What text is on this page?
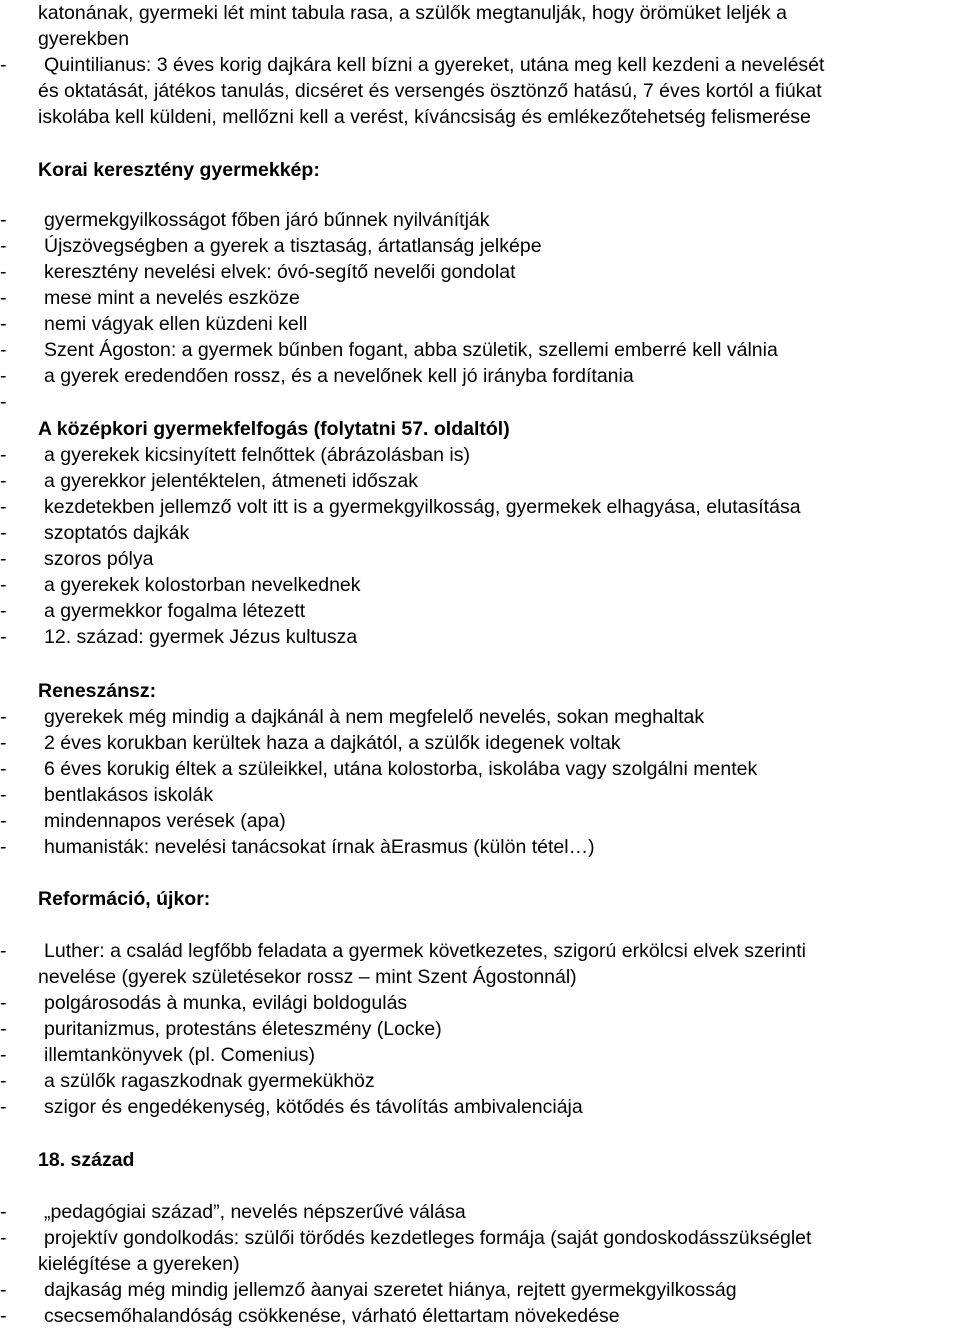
katonának, gyermeki lét mint tabula rasa, a szülők megtanulják, hogy örömüket leljék a
gyerekben
- Quintilianus: 3 éves korig dajkára kell bízni a gyereket, utána meg kell kezdeni a nevelését
és oktatását, játékos tanulás, dicséret és versengés ösztönző hatású, 7 éves kortól a fiúkat
iskolába kell küldeni, mellőzni kell a verést, kíváncsiság és emlékezőtehetség felismerése
Korai keresztény gyermekkép:
- gyermekgyilkosságot főben járó bűnnek nyilvánítják
- Újszövegségben a gyerek a tisztaság, ártatlanság jelképe
- keresztény nevelési elvek: óvó-segítő nevelői gondolat
- mese mint a nevelés eszköze
- nemi vágyak ellen küzdeni kell
- Szent Ágoston: a gyermek bűnben fogant, abba születik, szellemi emberré kell válnia
- a gyerek eredendően rossz, és a nevelőnek kell jó irányba fordítania
-
A középkori gyermekfelfogás (folytatni 57. oldaltól)
- a gyerekek kicsinyített felnőttek (ábrázolásban is)
- a gyerekkor jelentéktelen, átmeneti időszak
- kezdetekben jellemző volt itt is a gyermekgyilkosság, gyermekek elhagyása, elutasítása
- szoptatós dajkák
- szoros pólya
- a gyerekek kolostorban nevelkednek
- a gyermekkor fogalma létezett
- 12. század: gyermek Jézus kultusza
Reneszánsz:
- gyerekek még mindig a dajkánál à nem megfelelő nevelés, sokan meghaltak
- 2 éves korukban kerültek haza a dajkától, a szülők idegenek voltak
- 6 éves korukig éltek a szüleikkel, utána kolostorba, iskolába vagy szolgálni mentek
- bentlakásos iskolák
- mindennapos verések (apa)
- humanisták: nevelési tanácsokat írnak àErasmus (külön tétel…)
Reformáció, újkor:
- Luther: a család legfőbb feladata a gyermek következetes, szigorú erkölcsi elvek szerinti
nevelése (gyerek születésekor rossz – mint Szent Ágostonnál)
- polgárosodás à munka, evilági boldogulás
- puritanizmus, protestáns életeszmény (Locke)
- illemtankönyvek (pl. Comenius)
- a szülők ragaszkodnak gyermekükhöz
- szigor és engedékenység, kötődés és távolítás ambivalenciája
18. század
- „pedagógiai század”, nevelés népszerűvé válása
- projektív gondolkodás: szülői törődés kezdetleges formája (saját gondoskodásszükséglet
kielégítése a gyereken)
- dajkaság még mindig jellemző àanyai szeretet hiánya, rejtett gyermekgyilkosság
- csecsemőhalandóság csökkenése, várható élettartam növekedése
